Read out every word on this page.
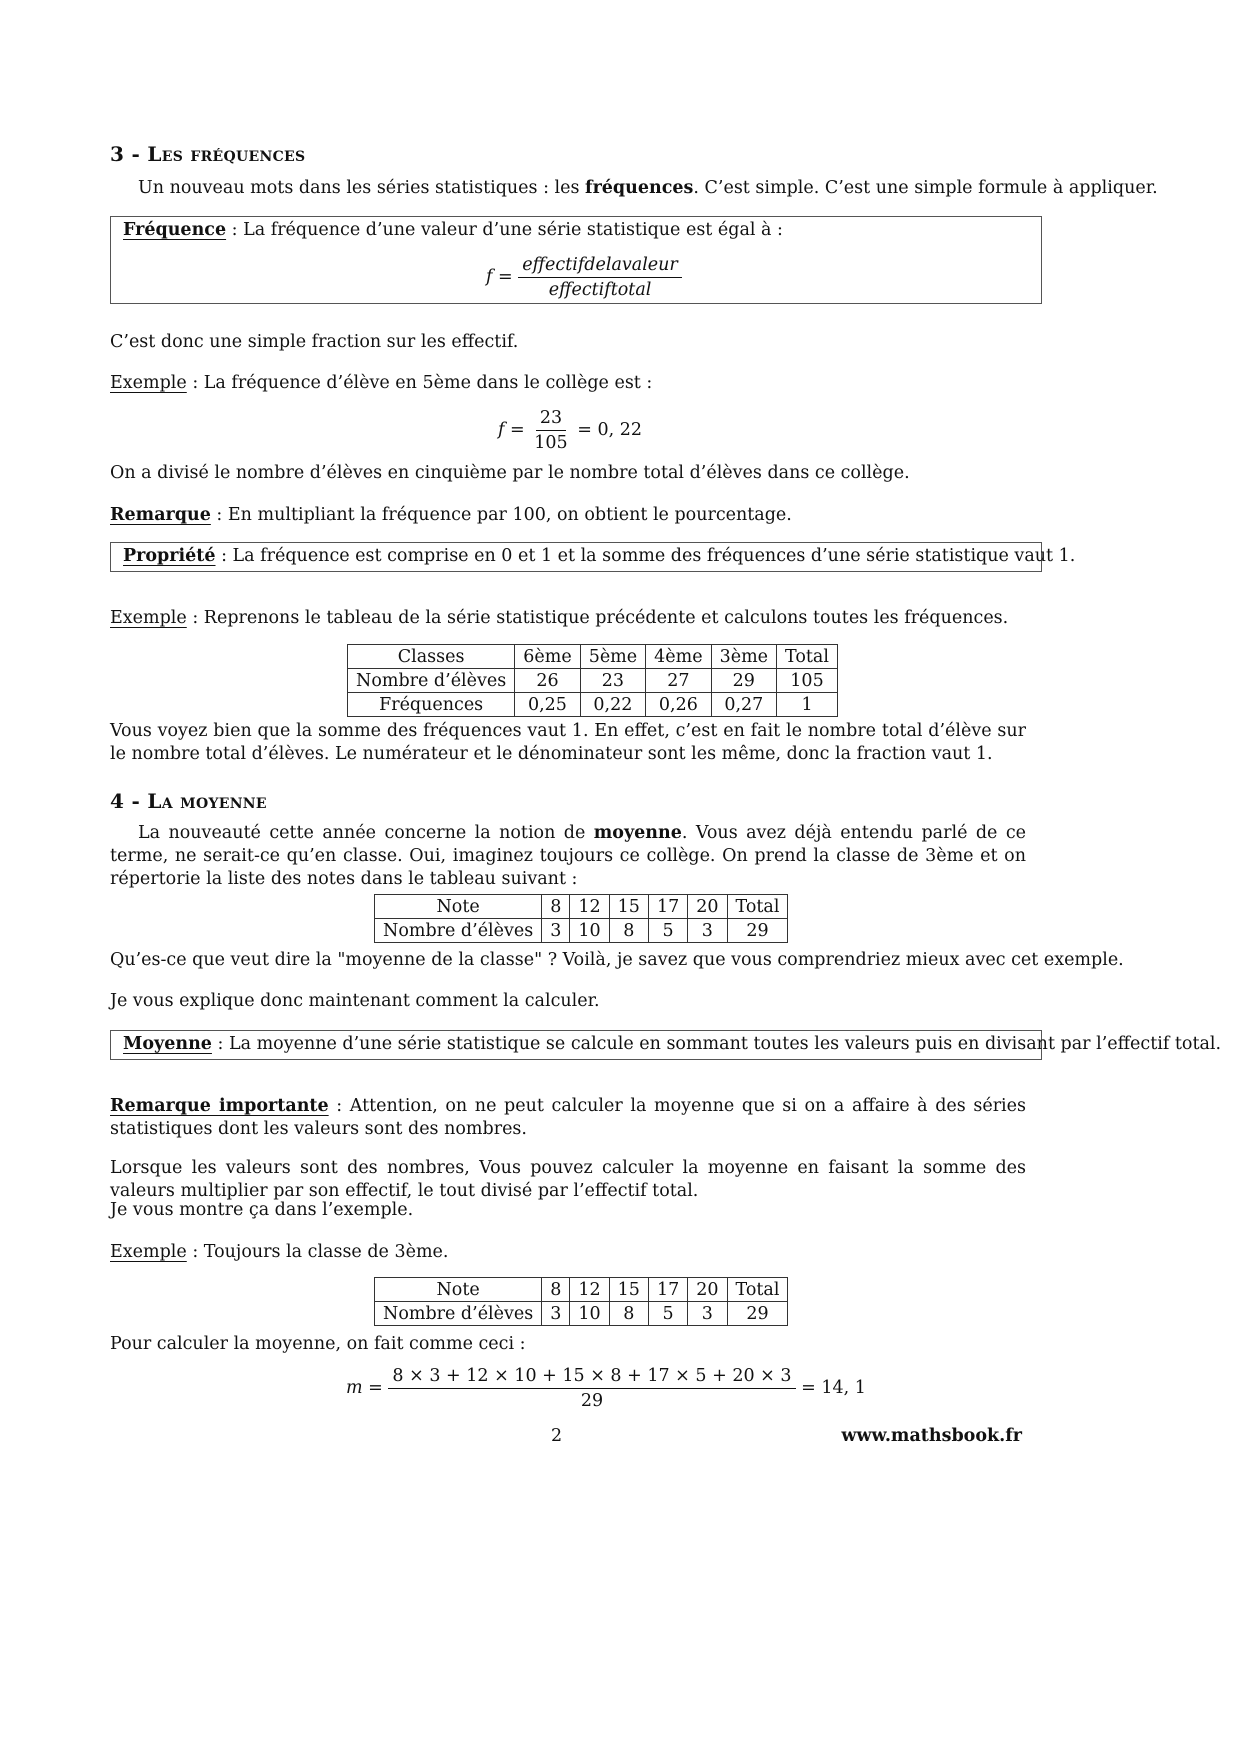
3 - Les fréquences
Un nouveau mots dans les séries statistiques : les fréquences. C’est simple. C’est une simple formule à appliquer.
Fréquence : La fréquence d’une valeur d’une série statistique est égal à :
$f = \frac{\text{effectifdelavaleur}}{\text{effectiftotal}}$
C’est donc une simple fraction sur les effectif.
Exemple : La fréquence d’élève en 5ème dans le collège est :
$f = \frac{23}{105} = 0$, 22
On a divisé le nombre d’élèves en cinquième par le nombre total d’élèves dans ce collège.
Remarque : En multipliant la fréquence par 100, on obtient le pourcentage.
Propriété : La fréquence est comprise en 0 et 1 et la somme des fréquences d’une série statistique vaut 1.
Exemple : Reprenons le tableau de la série statistique précédente et calculons toutes les fréquences.
Classes	6ème	5ème	4ème	3ème	Total
Nombre d’élèves	26	23	27	29	105
Fréquences	0,25	0,22	0,26	0,27	1
Vous voyez bien que la somme des fréquences vaut 1. En effet, c’est en fait le nombre total d’élève sur le nombre total d’élèves. Le numérateur et le dénominateur sont les même, donc la fraction vaut 1.
4 - La moyenne
La nouveauté cette année concerne la notion de moyenne. Vous avez déjà entendu parlé de ce terme, ne serait-ce qu’en classe. Oui, imaginez toujours ce collège. On prend la classe de 3ème et on répertorie la liste des notes dans le tableau suivant :
Note	8	12	15	17	20	Total
Nombre d’élèves	3	10	8	5	3	29
Qu’es-ce que veut dire la "moyenne de la classe" ? Voilà, je savez que vous comprendriez mieux avec cet exemple.
Je vous explique donc maintenant comment la calculer.
Moyenne : La moyenne d’une série statistique se calcule en sommant toutes les valeurs puis en divisant par l’effectif total.
Remarque importante : Attention, on ne peut calculer la moyenne que si on a affaire à des séries statistiques dont les valeurs sont des nombres.
Lorsque les valeurs sont des nombres, Vous pouvez calculer la moyenne en faisant la somme des valeurs multiplier par son effectif, le tout divisé par l’effectif total.
Je vous montre ça dans l’exemple.
Exemple : Toujours la classe de 3ème.
Note	8	12	15	17	20	Total
Nombre d’élèves	3	10	8	5	3	29
Pour calculer la moyenne, on fait comme ceci :
$m = \frac{8 \times 3 + 12 \times 10 + 15 \times 8 + 17 \times 5 + 20 \times 3}{29} = 14$, 1
2	www.mathsbook.fr
